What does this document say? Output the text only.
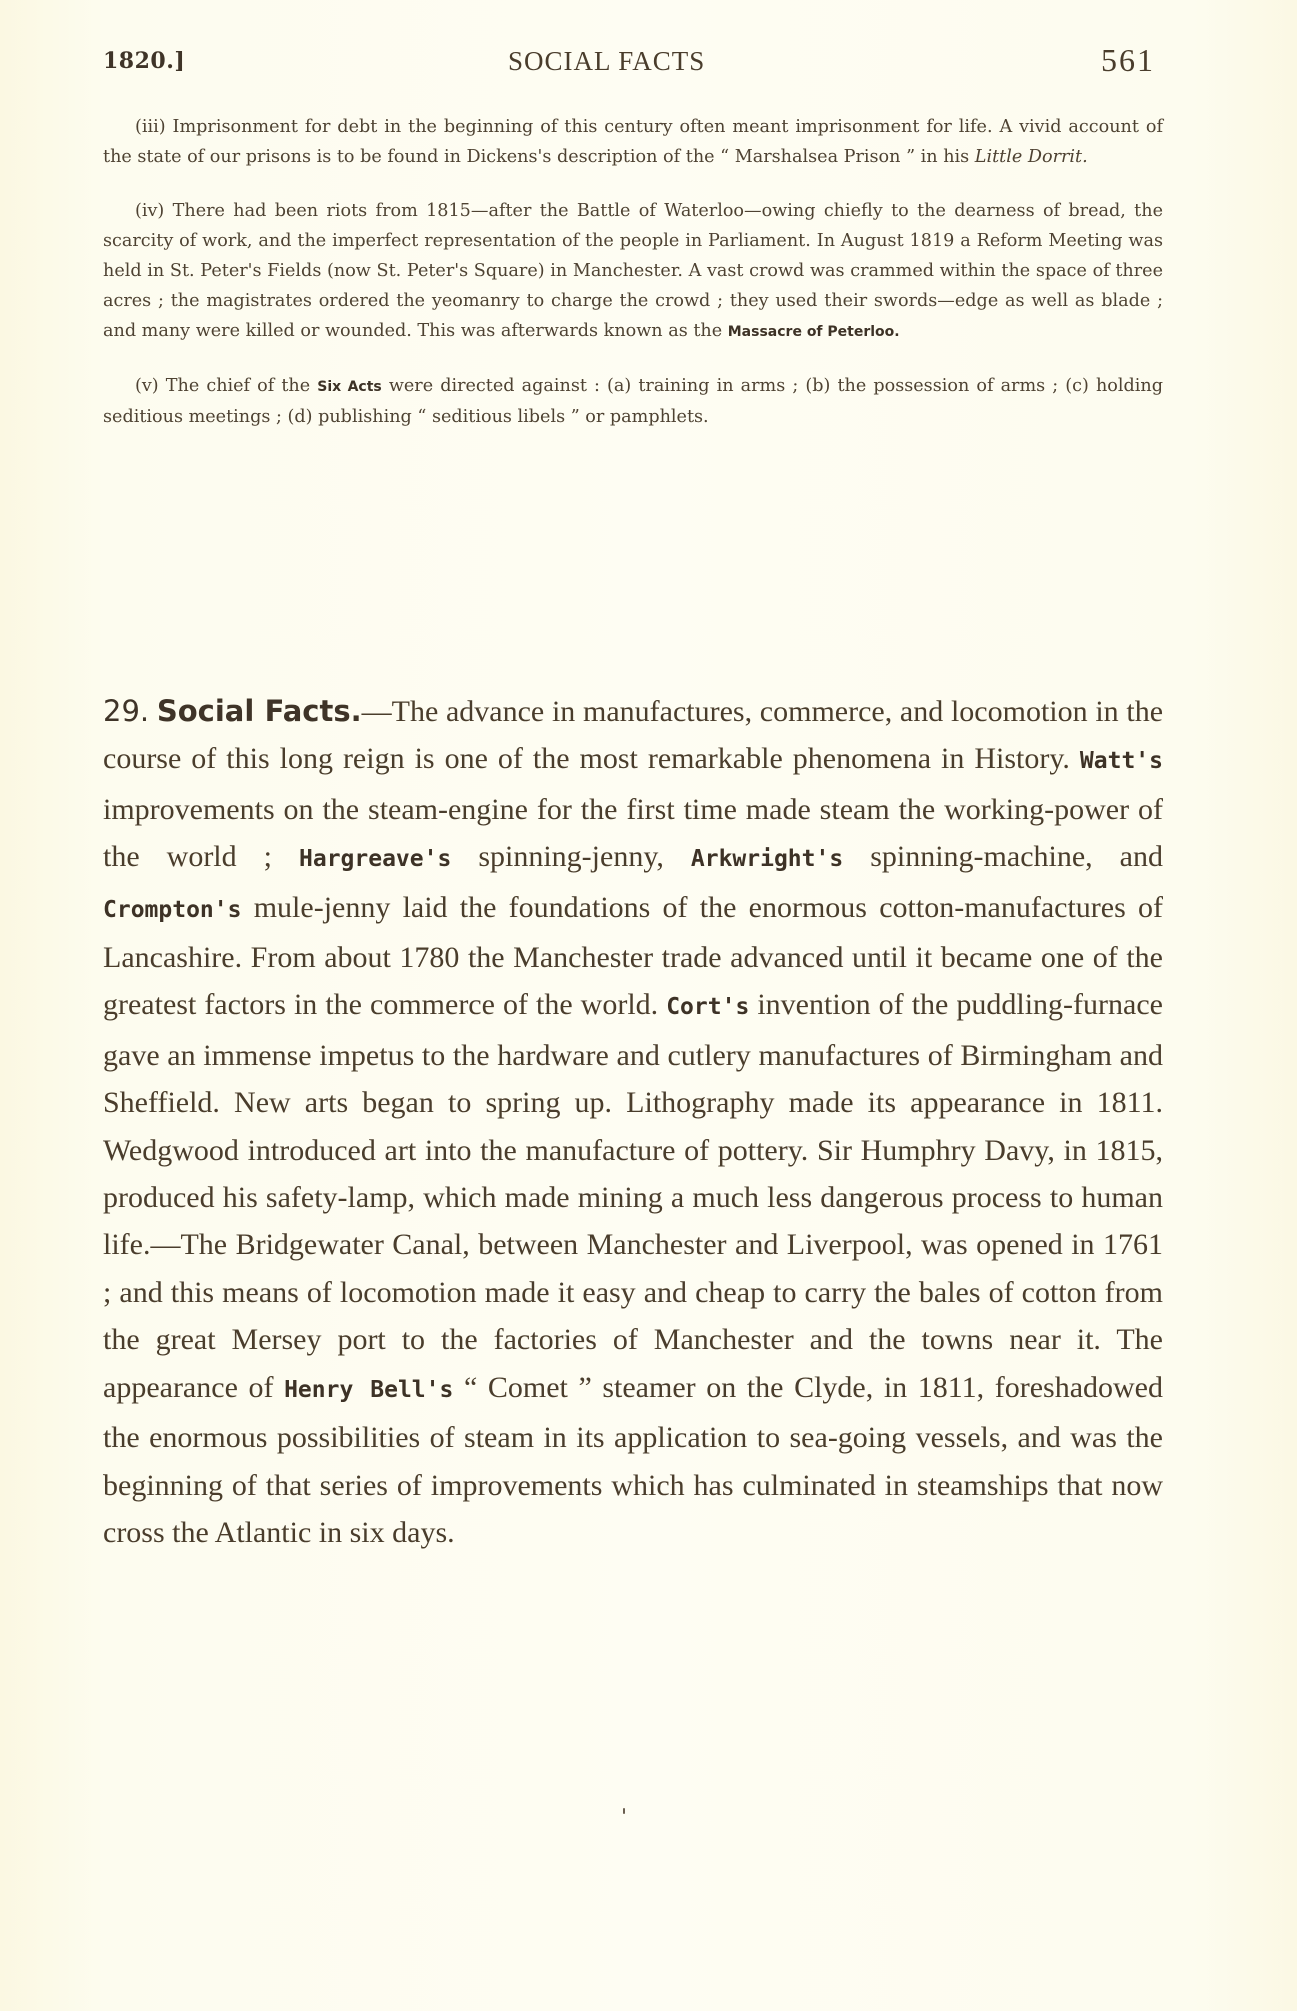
1820.]	SOCIAL FACTS	561

(iii) Imprisonment for debt in the beginning of this century often meant imprisonment for life. A vivid account of the state of our prisons is to be found in Dickens's description of the “ Marshalsea Prison ” in his Little Dorrit.

(iv) There had been riots from 1815—after the Battle of Waterloo—owing chiefly to the dearness of bread, the scarcity of work, and the imperfect representation of the people in Parliament. In August 1819 a Reform Meeting was held in St. Peter's Fields (now St. Peter's Square) in Manchester. A vast crowd was crammed within the space of three acres ; the magistrates ordered the yeomanry to charge the crowd ; they used their swords—edge as well as blade ; and many were killed or wounded. This was afterwards known as the Massacre of Peterloo.

(v) The chief of the Six Acts were directed against : (a) training in arms ; (b) the possession of arms ; (c) holding seditious meetings ; (d) publishing “ seditious libels ” or pamphlets.

29. Social Facts.—The advance in manufactures, commerce, and locomotion in the course of this long reign is one of the most remarkable phenomena in History. Watt's improvements on the steam-engine for the first time made steam the working-power of the world ; Hargreave's spinning-jenny, Arkwright's spinning-machine, and Crompton's mule-jenny laid the foundations of the enormous cotton-manufactures of Lancashire. From about 1780 the Manchester trade advanced until it became one of the greatest factors in the commerce of the world. Cort's invention of the puddling-furnace gave an immense impetus to the hardware and cutlery manufactures of Birmingham and Sheffield. New arts began to spring up. Lithography made its appearance in 1811. Wedgwood introduced art into the manufacture of pottery. Sir Humphry Davy, in 1815, produced his safety-lamp, which made mining a much less dangerous process to human life.—The Bridgewater Canal, between Manchester and Liverpool, was opened in 1761 ; and this means of locomotion made it easy and cheap to carry the bales of cotton from the great Mersey port to the factories of Manchester and the towns near it. The appearance of Henry Bell's “ Comet ” steamer on the Clyde, in 1811, foreshadowed the enormous possibilities of steam in its application to sea-going vessels, and was the beginning of that series of improvements which has culminated in steamships that now cross the Atlantic in six days.
